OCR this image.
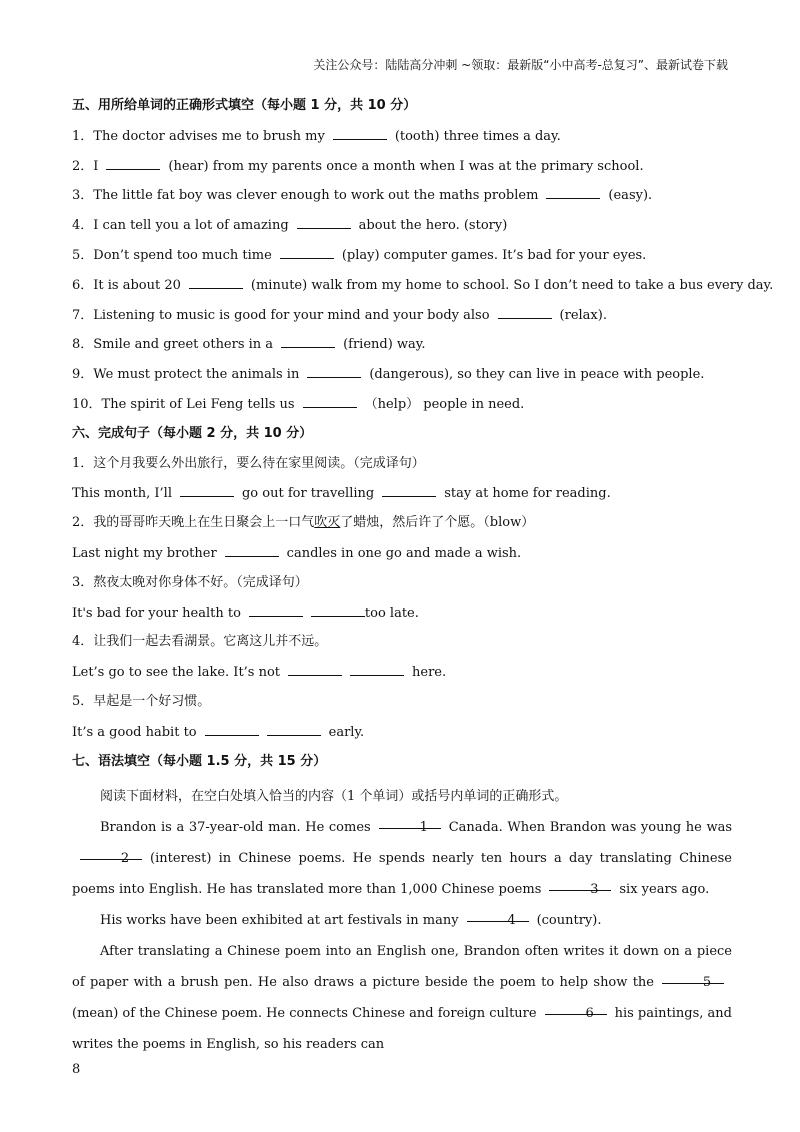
关注公众号：陆陆高分冲刺 ~领取：最新版“小中高考-总复习”、最新试卷下载
五、用所给单词的正确形式填空（每小题 1 分，共 10 分）
1．The doctor advises me to brush my	(tooth) three times a day.
2．I	(hear) from my parents once a month when I was at the primary school.
3．The little fat boy was clever enough to work out the maths problem	(easy).
4．I can tell you a lot of amazing	about the hero. (story)
5．Don’t spend too much time	(play) computer games. It’s bad for your eyes.
6．It is about 20	(minute) walk from my home to school. So I don’t need to take a bus every day.
7．Listening to music is good for your mind and your body also	(relax).
8．Smile and greet others in a	(friend) way.
9．We must protect the animals in	(dangerous), so they can live in peace with people.
10．The spirit of Lei Feng tells us	（help） people in need.
六、完成句子（每小题 2 分，共 10 分）
1．这个月我要么外出旅行，要么待在家里阅读。（完成译句）
This month, I’ll	go out for travelling	stay at home for reading.
2．我的哥哥昨天晚上在生日聚会上一口气吹灭了蜡烛，然后许了个愿。（blow）
Last night my brother	candles in one go and made a wish.
3．熬夜太晚对你身体不好。（完成译句）
It's bad for your health to	too late.
4．让我们一起去看湖景。它离这儿并不远。
Let’s go to see the lake. It’s not	here.
5．早起是一个好习惯。
It’s a good habit to	early.
七、语法填空（每小题 1.5 分，共 15 分）
阅读下面材料，在空白处填入恰当的内容（1 个单词）或括号内单词的正确形式。
Brandon is a 37-year-old man. He comes	1 Canada. When Brandon was young he was2 (interest) in Chinese poems. He spends nearly ten hours a day translating Chinese poems into English. He has translated more than 1,000 Chinese poems	3 six years ago.
His works have been exhibited at art festivals in many	4 (country).
After translating a Chinese poem into an English one, Brandon often writes it down on a piece of paper with a brush pen. He also draws a picture beside the poem to help show the	5(mean) of the Chinese poem. He connects Chinese and foreign culture	6 his paintings, and writes the poems in English, so his readers can
8
